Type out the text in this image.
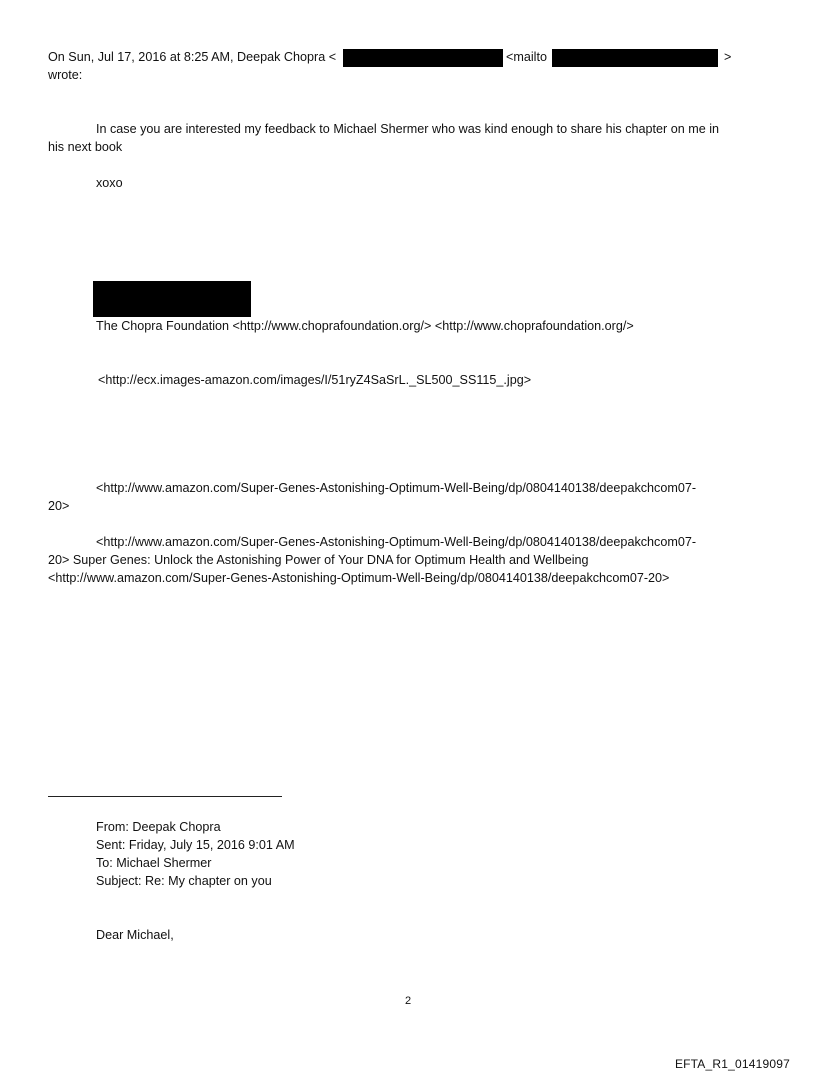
On Sun, Jul 17, 2016 at 8:25 AM, Deepak Chopra <	<mailto	>
wrote:
In case you are interested my feedback to Michael Shermer who was kind enough to share his chapter on me in
his next book
xoxo
The Chopra Foundation <http://www.choprafoundation.org/> <http://www.choprafoundation.org/>
<http://ecx.images-amazon.com/images/I/51ryZ4SaSrL._SL500_SS115_.jpg>
<http://www.amazon.com/Super-Genes-Astonishing-Optimum-Well-Being/dp/0804140138/deepakchcom07-
20>
<http://www.amazon.com/Super-Genes-Astonishing-Optimum-Well-Being/dp/0804140138/deepakchcom07-
20> Super Genes: Unlock the Astonishing Power of Your DNA for Optimum Health and Wellbeing
<http://www.amazon.com/Super-Genes-Astonishing-Optimum-Well-Being/dp/0804140138/deepakchcom07-20>
From: Deepak Chopra
Sent: Friday, July 15, 2016 9:01 AM
To: Michael Shermer
Subject: Re: My chapter on you
Dear Michael,
2
EFTA_R1_01419097
